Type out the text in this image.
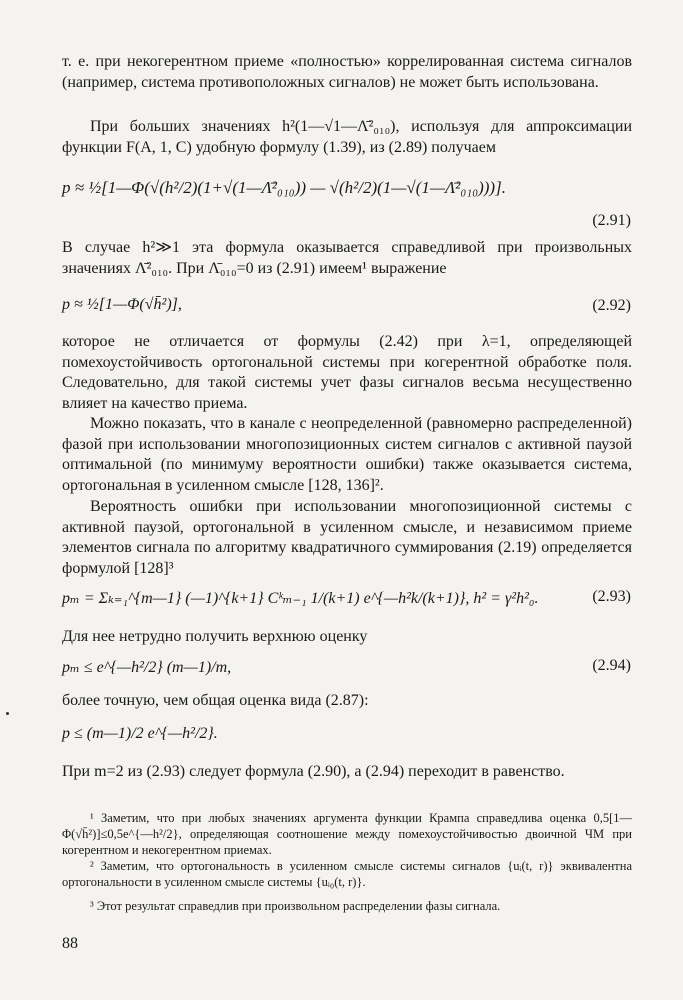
т. е. при некогерентном приеме «полностью» коррелированная система сигналов (например, система противоположных сигналов) не может быть использована.

При больших значениях h²(1—√1—Λ̄²₀₁₀), используя для аппроксимации функции F(A, 1, C) удобную формулу (1.39), из (2.89) получаем

p ≈ ½[1—Φ(√(h²/2)(1+√(1—Λ̄²₀₁₀)) — √(h²/2)(1—√(1—Λ̄²₀₁₀)))].
(2.91)

В случае h²≫1 эта формула оказывается справедливой при произвольных значениях Λ̄²₀₁₀. При Λ̄₀₁₀=0 из (2.91) имеем¹ выражение

p ≈ ½[1—Φ(√h̄²)],	(2.92)

которое не отличается от формулы (2.42) при λ=1, определяющей помехоустойчивость ортогональной системы при когерентной обработке поля. Следовательно, для такой системы учет фазы сигналов весьма несущественно влияет на качество приема.

Можно показать, что в канале с неопределенной (равномерно распределенной) фазой при использовании многопозиционных систем сигналов с активной паузой оптимальной (по минимуму вероятности ошибки) также оказывается система, ортогональная в усиленном смысле [128, 136]².

Вероятность ошибки при использовании многопозиционной системы с активной паузой, ортогональной в усиленном смысле, и независимом приеме элементов сигнала по алгоритму квадратичного суммирования (2.19) определяется формулой [128]³

pₘ = Σₖ₌₁^{m—1} (—1)^{k+1} Cᵏₘ₋₁ 1/(k+1) e^{—h²k/(k+1)}, h² = γ²h²₀.	(2.93)

Для нее нетрудно получить верхнюю оценку

pₘ ≤ e^{—h²/2} (m—1)/m,	(2.94)

более точную, чем общая оценка вида (2.87):

p ≤ (m—1)/2 e^{—h²/2}.

При m=2 из (2.93) следует формула (2.90), а (2.94) переходит в равенство.

¹ Заметим, что при любых значениях аргумента функции Крампа справедлива оценка 0,5[1—Φ(√h̄²)]≤0,5e^{—h²/2}, определяющая соотношение между помехоустойчивостью двоичной ЧМ при когерентном и некогерентном приемах.

² Заметим, что ортогональность в усиленном смысле системы сигналов {uᵢ(t, r)} эквивалентна ортогональности в усиленном смысле системы {uᵢ₀(t, r)}.

³ Этот результат справедлив при произвольном распределении фазы сигнала.

88
